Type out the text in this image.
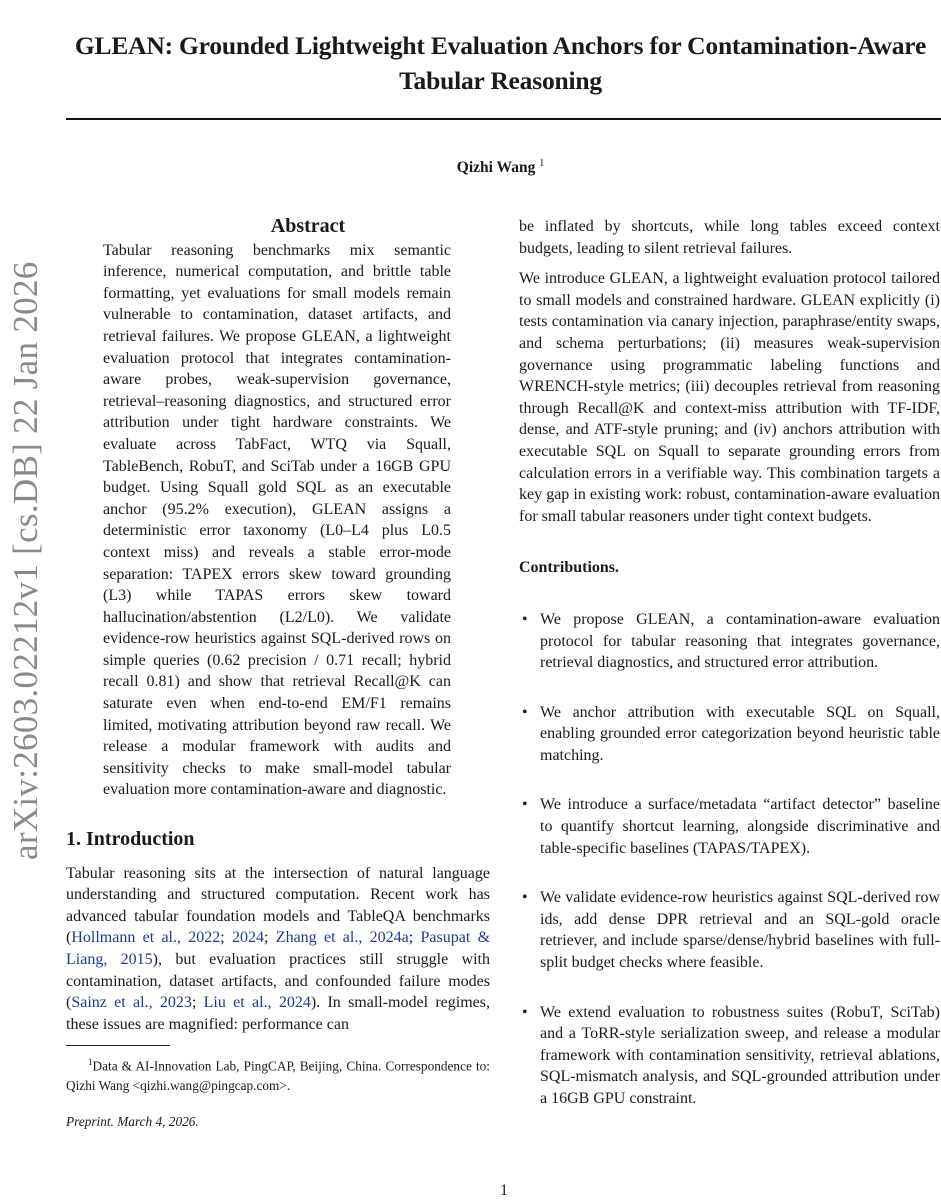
arXiv:2603.02212v1 [cs.DB] 22 Jan 2026
GLEAN: Grounded Lightweight Evaluation Anchors for Contamination-Aware Tabular Reasoning
Qizhi Wang $^1$
Abstract

Tabular reasoning benchmarks mix semantic inference, numerical computation, and brittle table formatting, yet evaluations for small models remain vulnerable to contamination, dataset artifacts, and retrieval failures. We propose GLEAN, a lightweight evaluation protocol that integrates contamination-aware probes, weak-supervision governance, retrieval–reasoning diagnostics, and structured error attribution under tight hardware constraints. We evaluate across TabFact, WTQ via Squall, TableBench, RobuT, and SciTab under a 16GB GPU budget. Using Squall gold SQL as an executable anchor (95.2% execution), GLEAN assigns a deterministic error taxonomy (L0–L4 plus L0.5 context miss) and reveals a stable error-mode separation: TAPEX errors skew toward grounding (L3) while TAPAS errors skew toward hallucination/abstention (L2/L0). We validate evidence-row heuristics against SQL-derived rows on simple queries (0.62 precision / 0.71 recall; hybrid recall 0.81) and show that retrieval Recall@K can saturate even when end-to-end EM/F1 remains limited, motivating attribution beyond raw recall. We release a modular framework with audits and sensitivity checks to make small-model tabular evaluation more contamination-aware and diagnostic.

1. Introduction

Tabular reasoning sits at the intersection of natural language understanding and structured computation. Recent work has advanced tabular foundation models and TableQA benchmarks (Hollmann et al., 2022; 2024; Zhang et al., 2024a; Pasupat & Liang, 2015), but evaluation practices still struggle with contamination, dataset artifacts, and confounded failure modes (Sainz et al., 2023; Liu et al., 2024). In small-model regimes, these issues are magnified: performance can

$^1$Data & AI-Innovation Lab, PingCAP, Beijing, China. Correspondence to: Qizhi Wang <qizhi.wang@pingcap.com>.

Preprint. March 4, 2026.

be inflated by shortcuts, while long tables exceed context budgets, leading to silent retrieval failures.

We introduce GLEAN, a lightweight evaluation protocol tailored to small models and constrained hardware. GLEAN explicitly (i) tests contamination via canary injection, paraphrase/entity swaps, and schema perturbations; (ii) measures weak-supervision governance using programmatic labeling functions and WRENCH-style metrics; (iii) decouples retrieval from reasoning through Recall@K and context-miss attribution with TF-IDF, dense, and ATF-style pruning; and (iv) anchors attribution with executable SQL on Squall to separate grounding errors from calculation errors in a verifiable way. This combination targets a key gap in existing work: robust, contamination-aware evaluation for small tabular reasoners under tight context budgets.

Contributions.
• We propose GLEAN, a contamination-aware evaluation protocol for tabular reasoning that integrates governance, retrieval diagnostics, and structured error attribution.
• We anchor attribution with executable SQL on Squall, enabling grounded error categorization beyond heuristic table matching.
• We introduce a surface/metadata “artifact detector” baseline to quantify shortcut learning, alongside discriminative and table-specific baselines (TAPAS/TAPEX).
• We validate evidence-row heuristics against SQL-derived row ids, add dense DPR retrieval and an SQL-gold oracle retriever, and include sparse/dense/hybrid baselines with full-split budget checks where feasible.
• We extend evaluation to robustness suites (RobuT, SciTab) and a ToRR-style serialization sweep, and release a modular framework with contamination sensitivity, retrieval ablations, SQL-mismatch analysis, and SQL-grounded attribution under a 16GB GPU constraint.
1
